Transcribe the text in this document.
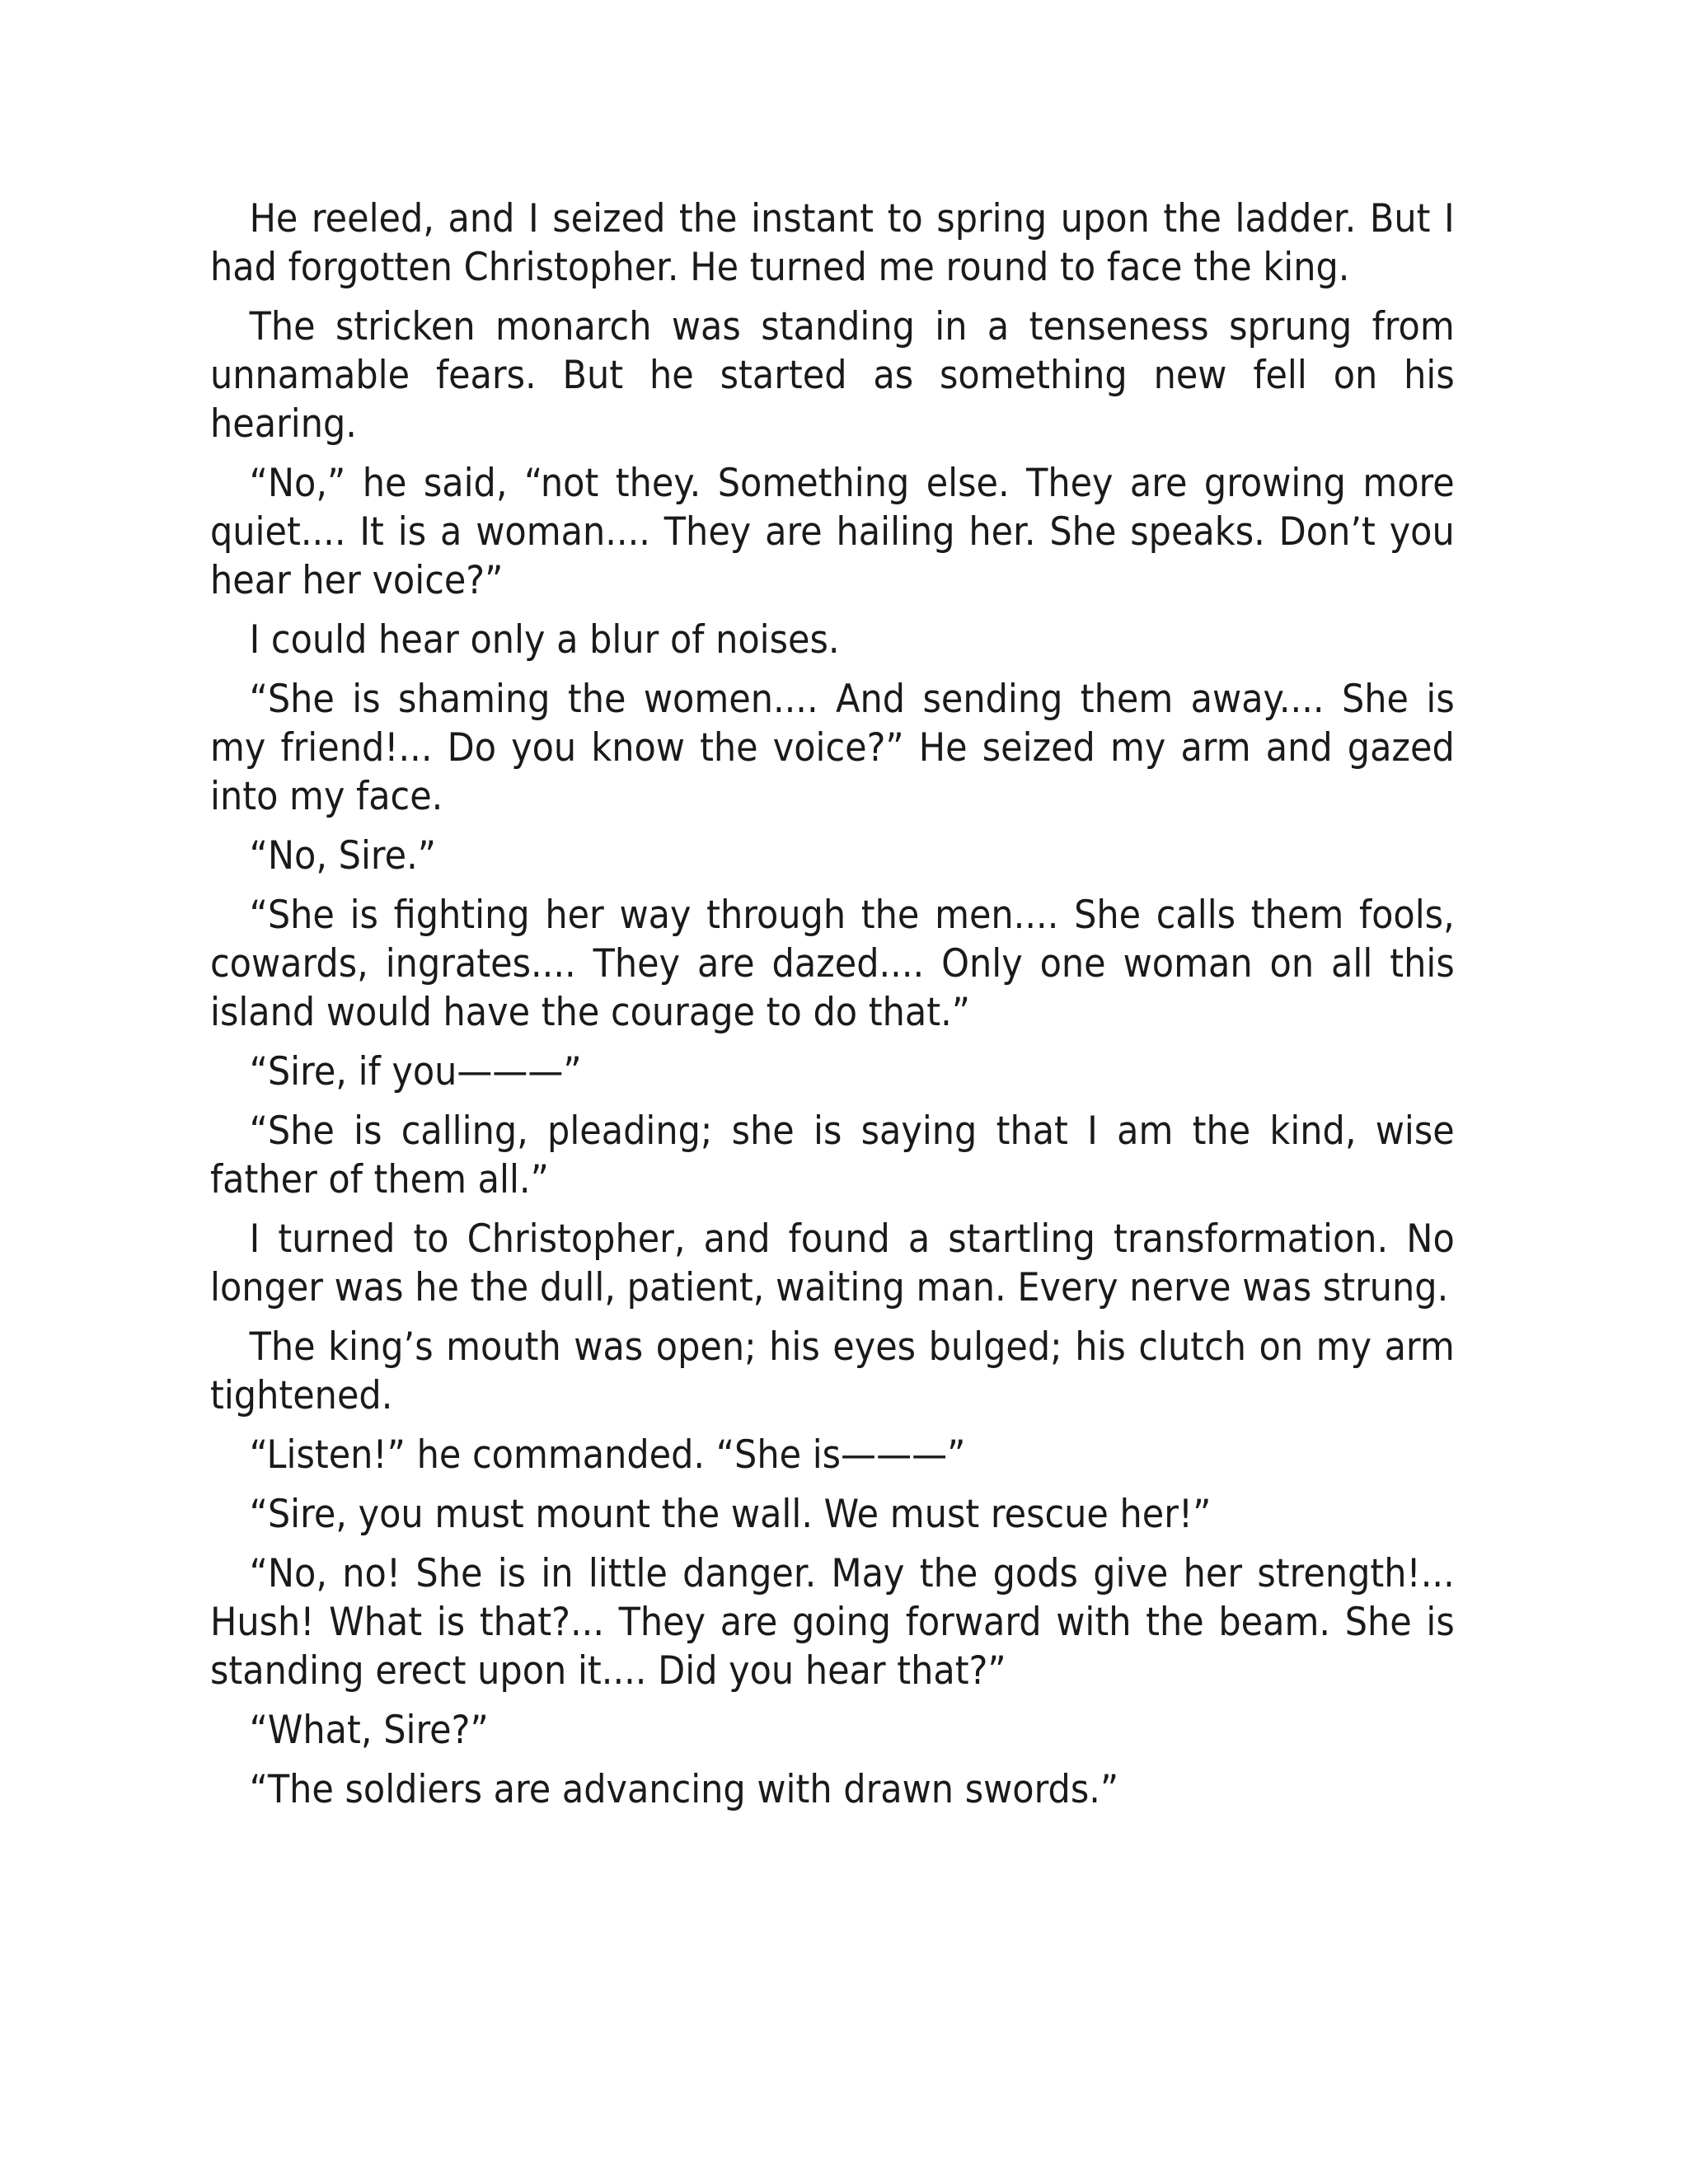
He reeled, and I seized the instant to spring upon the ladder. But I had forgotten Christopher. He turned me round to face the king.

The stricken monarch was standing in a tenseness sprung from unnamable fears. But he started as something new fell on his hearing.

“No,” he said, “not they. Something else. They are growing more quiet.... It is a woman.... They are hailing her. She speaks. Don’t you hear her voice?”

I could hear only a blur of noises.

“She is shaming the women.... And sending them away.... She is my friend!... Do you know the voice?” He seized my arm and gazed into my face.

“No, Sire.”

“She is fighting her way through the men.... She calls them fools, cowards, ingrates.... They are dazed.... Only one woman on all this island would have the courage to do that.”

“Sire, if you———”

“She is calling, pleading; she is saying that I am the kind, wise father of them all.”

I turned to Christopher, and found a startling transformation. No longer was he the dull, patient, waiting man. Every nerve was strung.

The king’s mouth was open; his eyes bulged; his clutch on my arm tightened.

“Listen!” he commanded. “She is———”

“Sire, you must mount the wall. We must rescue her!”

“No, no! She is in little danger. May the gods give her strength!... Hush! What is that?... They are going forward with the beam. She is standing erect upon it.... Did you hear that?”

“What, Sire?”

“The soldiers are advancing with drawn swords.”
